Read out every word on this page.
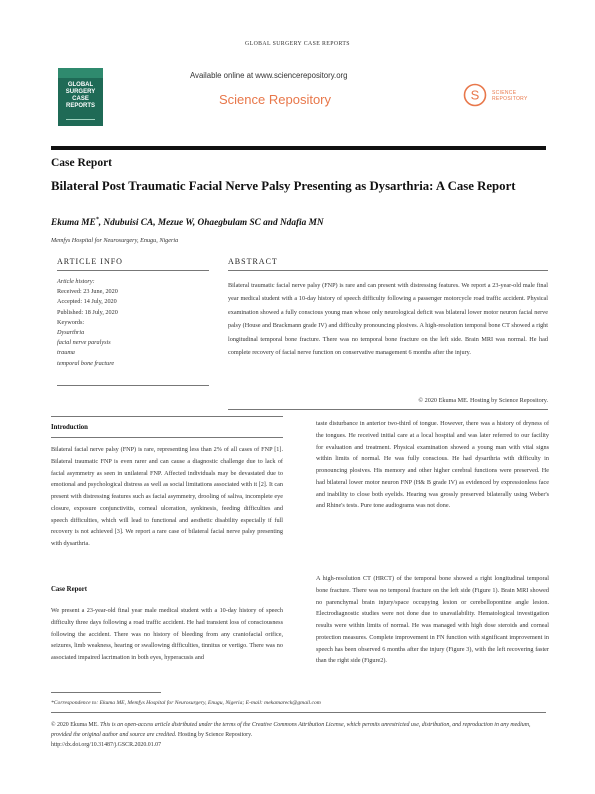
GLOBAL SURGERY CASE REPORTS
GLOBAL
SURGERY
CASE
REPORTS
Available online at www.sciencerepository.org
Science Repository	S	SCIENCE
REPOSITORY
Case Report
Bilateral Post Traumatic Facial Nerve Palsy Presenting as Dysarthria: A Case Report
Ekuma ME*, Ndubuisi CA, Mezue W, Ohaegbulam SC and Ndafia MN
Memfys Hospital for Neurosurgery, Enugu, Nigeria
ARTICLE INFO
Article history:
Received: 23 June, 2020
Accepted: 14 July, 2020
Published: 18 July, 2020
Keywords:
Dysarthria
facial nerve paralysis
trauma
temporal bone fracture
ABSTRACT
Bilateral traumatic facial nerve palsy (FNP) is rare and can present with distressing features. We report a 23-year-old male final year medical student with a 10-day history of speech difficulty following a passenger motorcycle road traffic accident. Physical examination showed a fully conscious young man whose only neurological deficit was bilateral lower motor neuron facial nerve palsy (House and Brackmann grade IV) and difficulty pronouncing plosives. A high-resolution temporal bone CT showed a right longitudinal temporal bone fracture. There was no temporal bone fracture on the left side. Brain MRI was normal. He had complete recovery of facial nerve function on conservative management 6 months after the injury.
© 2020 Ekuma ME. Hosting by Science Repository.
Introduction
Bilateral facial nerve palsy (FNP) is rare, representing less than 2% of all cases of FNP [1]. Bilateral traumatic FNP is even rarer and can cause a diagnostic challenge due to lack of facial asymmetry as seen in unilateral FNP. Affected individuals may be devastated due to emotional and psychological distress as well as social limitations associated with it [2]. It can present with distressing features such as facial asymmetry, drooling of saliva, incomplete eye closure, exposure conjunctivitis, corneal ulceration, synkinesis, feeding difficulties and speech difficulties, which will lead to functional and aesthetic disability especially if full recovery is not achieved [3]. We report a rare case of bilateral facial nerve palsy presenting with dysarthria.
Case Report
We present a 23-year-old final year male medical student with a 10-day history of speech difficulty three days following a road traffic accident. He had transient loss of consciousness following the accident. There was no history of bleeding from any craniofacial orifice, seizures, limb weakness, hearing or swallowing difficulties, tinnitus or vertigo. There was no associated impaired lacrimation in both eyes, hyperacusis and
taste disturbance in anterior two-third of tongue. However, there was a history of dryness of the tongues. He received initial care at a local hospital and was later referred to our facility for evaluation and treatment. Physical examination showed a young man with vital signs within limits of normal. He was fully conscious. He had dysarthria with difficulty in pronouncing plosives. His memory and other higher cerebral functions were preserved. He had bilateral lower motor neuron FNP (H& B grade IV) as evidenced by expressionless face and inability to close both eyelids. Hearing was grossly preserved bilaterally using Weber's and Rhine's tests. Pure tone audiograms was not done.
A high-resolution CT (HRCT) of the temporal bone showed a right longitudinal temporal bone fracture. There was no temporal fracture on the left side (Figure 1). Brain MRI showed no parenchymal brain injury/space occupying lesion or cerebellopontine angle lesion. Electrodiagnostic studies were not done due to unavailability. Hematological investigation results were within limits of normal. He was managed with high dose steroids and corneal protection measures. Complete improvement in FN function with significant improvement in speech has been observed 6 months after the injury (Figure 3), with the left recovering faster than the right side (Figure2).
*Correspondence to: Ekuma ME, Memfys Hospital for Neurosurgery, Enugu, Nigeria; E-mail: mekamareck@gmail.com
© 2020 Ekuma ME. This is an open-access article distributed under the terms of the Creative Commons Attribution License, which permits unrestricted use, distribution, and reproduction in any medium, provided the original author and source are credited. Hosting by Science Repository.
http://dx.doi.org/10.31487/j.GSCR.2020.01.07
